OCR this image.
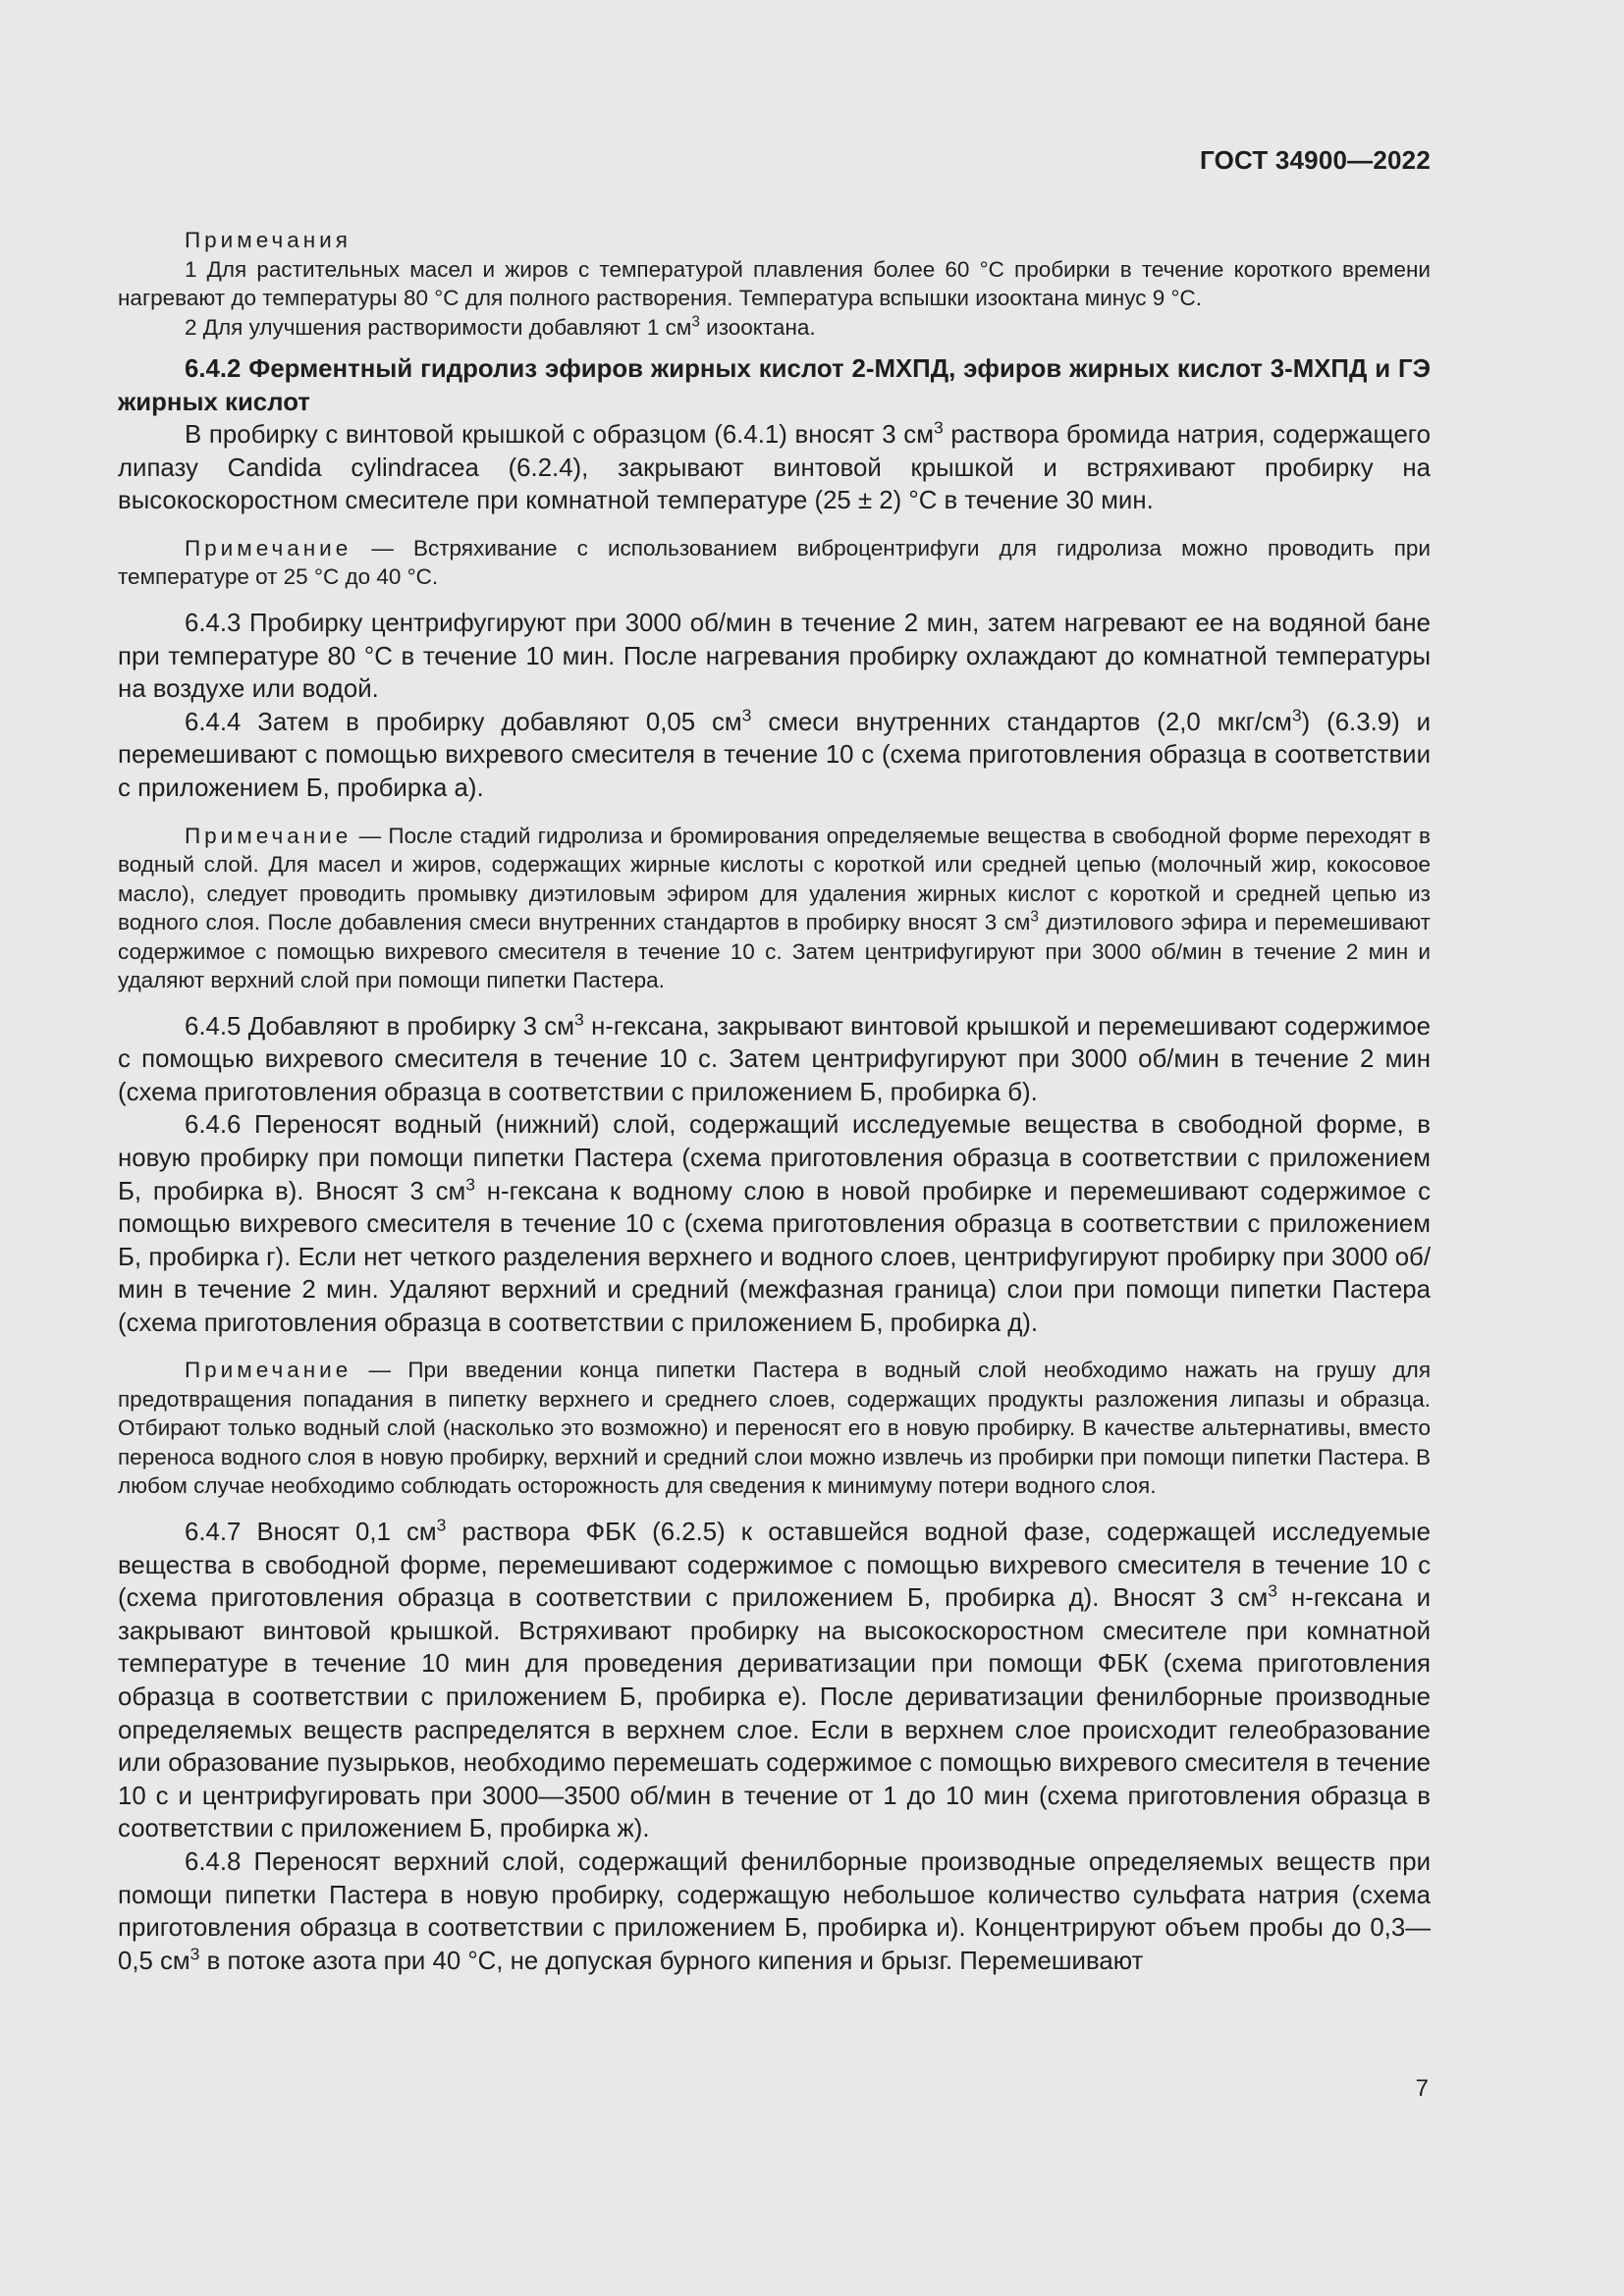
ГОСТ 34900—2022

Примечания

1 Для растительных масел и жиров с температурой плавления более 60 °С пробирки в течение короткого времени нагревают до температуры 80 °С для полного растворения. Температура вспышки изооктана минус 9 °С.

2 Для улучшения растворимости добавляют 1 $см^3$ изооктана.

6.4.2 Ферментный гидролиз эфиров жирных кислот 2-МХПД, эфиров жирных кислот 3-МХПД и ГЭ жирных кислот

В пробирку с винтовой крышкой с образцом (6.4.1) вносят 3 $см^3$ раствора бромида натрия, содержащего липазу Candida cylindracea (6.2.4), закрывают винтовой крышкой и встряхивают пробирку на высокоскоростном смесителе при комнатной температуре (25 ± 2) °С в течение 30 мин.

Примечание — Встряхивание с использованием виброцентрифуги для гидролиза можно проводить при температуре от 25 °С до 40 °С.

6.4.3 Пробирку центрифугируют при 3000 об/мин в течение 2 мин, затем нагревают ее на водяной бане при температуре 80 °С в течение 10 мин. После нагревания пробирку охлаждают до комнатной температуры на воздухе или водой.

6.4.4 Затем в пробирку добавляют 0,05 $см^3$ смеси внутренних стандартов (2,0 мкг/$см^3$) (6.3.9) и перемешивают с помощью вихревого смесителя в течение 10 с (схема приготовления образца в соответствии с приложением Б, пробирка а).

Примечание — После стадий гидролиза и бромирования определяемые вещества в свободной форме переходят в водный слой. Для масел и жиров, содержащих жирные кислоты с короткой или средней цепью (молочный жир, кокосовое масло), следует проводить промывку диэтиловым эфиром для удаления жирных кислот с короткой и средней цепью из водного слоя. После добавления смеси внутренних стандартов в пробирку вносят 3 $см^3$ диэтилового эфира и перемешивают содержимое с помощью вихревого смесителя в течение 10 с. Затем центрифугируют при 3000 об/мин в течение 2 мин и удаляют верхний слой при помощи пипетки Пастера.

6.4.5 Добавляют в пробирку 3 $см^3$ н-гексана, закрывают винтовой крышкой и перемешивают содержимое с помощью вихревого смесителя в течение 10 с. Затем центрифугируют при 3000 об/мин в течение 2 мин (схема приготовления образца в соответствии с приложением Б, пробирка б).

6.4.6 Переносят водный (нижний) слой, содержащий исследуемые вещества в свободной форме, в новую пробирку при помощи пипетки Пастера (схема приготовления образца в соответствии с приложением Б, пробирка в). Вносят 3 $см^3$ н-гексана к водному слою в новой пробирке и перемешивают содержимое с помощью вихревого смесителя в течение 10 с (схема приготовления образца в соответствии с приложением Б, пробирка г). Если нет четкого разделения верхнего и водного слоев, центрифугируют пробирку при 3000 об/мин в течение 2 мин. Удаляют верхний и средний (межфазная граница) слои при помощи пипетки Пастера (схема приготовления образца в соответствии с приложением Б, пробирка д).

Примечание — При введении конца пипетки Пастера в водный слой необходимо нажать на грушу для предотвращения попадания в пипетку верхнего и среднего слоев, содержащих продукты разложения липазы и образца. Отбирают только водный слой (насколько это возможно) и переносят его в новую пробирку. В качестве альтернативы, вместо переноса водного слоя в новую пробирку, верхний и средний слои можно извлечь из пробирки при помощи пипетки Пастера. В любом случае необходимо соблюдать осторожность для сведения к минимуму потери водного слоя.

6.4.7 Вносят 0,1 $см^3$ раствора ФБК (6.2.5) к оставшейся водной фазе, содержащей исследуемые вещества в свободной форме, перемешивают содержимое с помощью вихревого смесителя в течение 10 с (схема приготовления образца в соответствии с приложением Б, пробирка д). Вносят 3 $см^3$ н-гексана и закрывают винтовой крышкой. Встряхивают пробирку на высокоскоростном смесителе при комнатной температуре в течение 10 мин для проведения дериватизации при помощи ФБК (схема приготовления образца в соответствии с приложением Б, пробирка е). После дериватизации фенилборные производные определяемых веществ распределятся в верхнем слое. Если в верхнем слое происходит гелеобразование или образование пузырьков, необходимо перемешать содержимое с помощью вихревого смесителя в течение 10 с и центрифугировать при 3000—3500 об/мин в течение от 1 до 10 мин (схема приготовления образца в соответствии с приложением Б, пробирка ж).

6.4.8 Переносят верхний слой, содержащий фенилборные производные определяемых веществ при помощи пипетки Пастера в новую пробирку, содержащую небольшое количество сульфата натрия (схема приготовления образца в соответствии с приложением Б, пробирка и). Концентрируют объем пробы до 0,3—0,5 $см^3$ в потоке азота при 40 °С, не допуская бурного кипения и брызг. Перемешивают

7
